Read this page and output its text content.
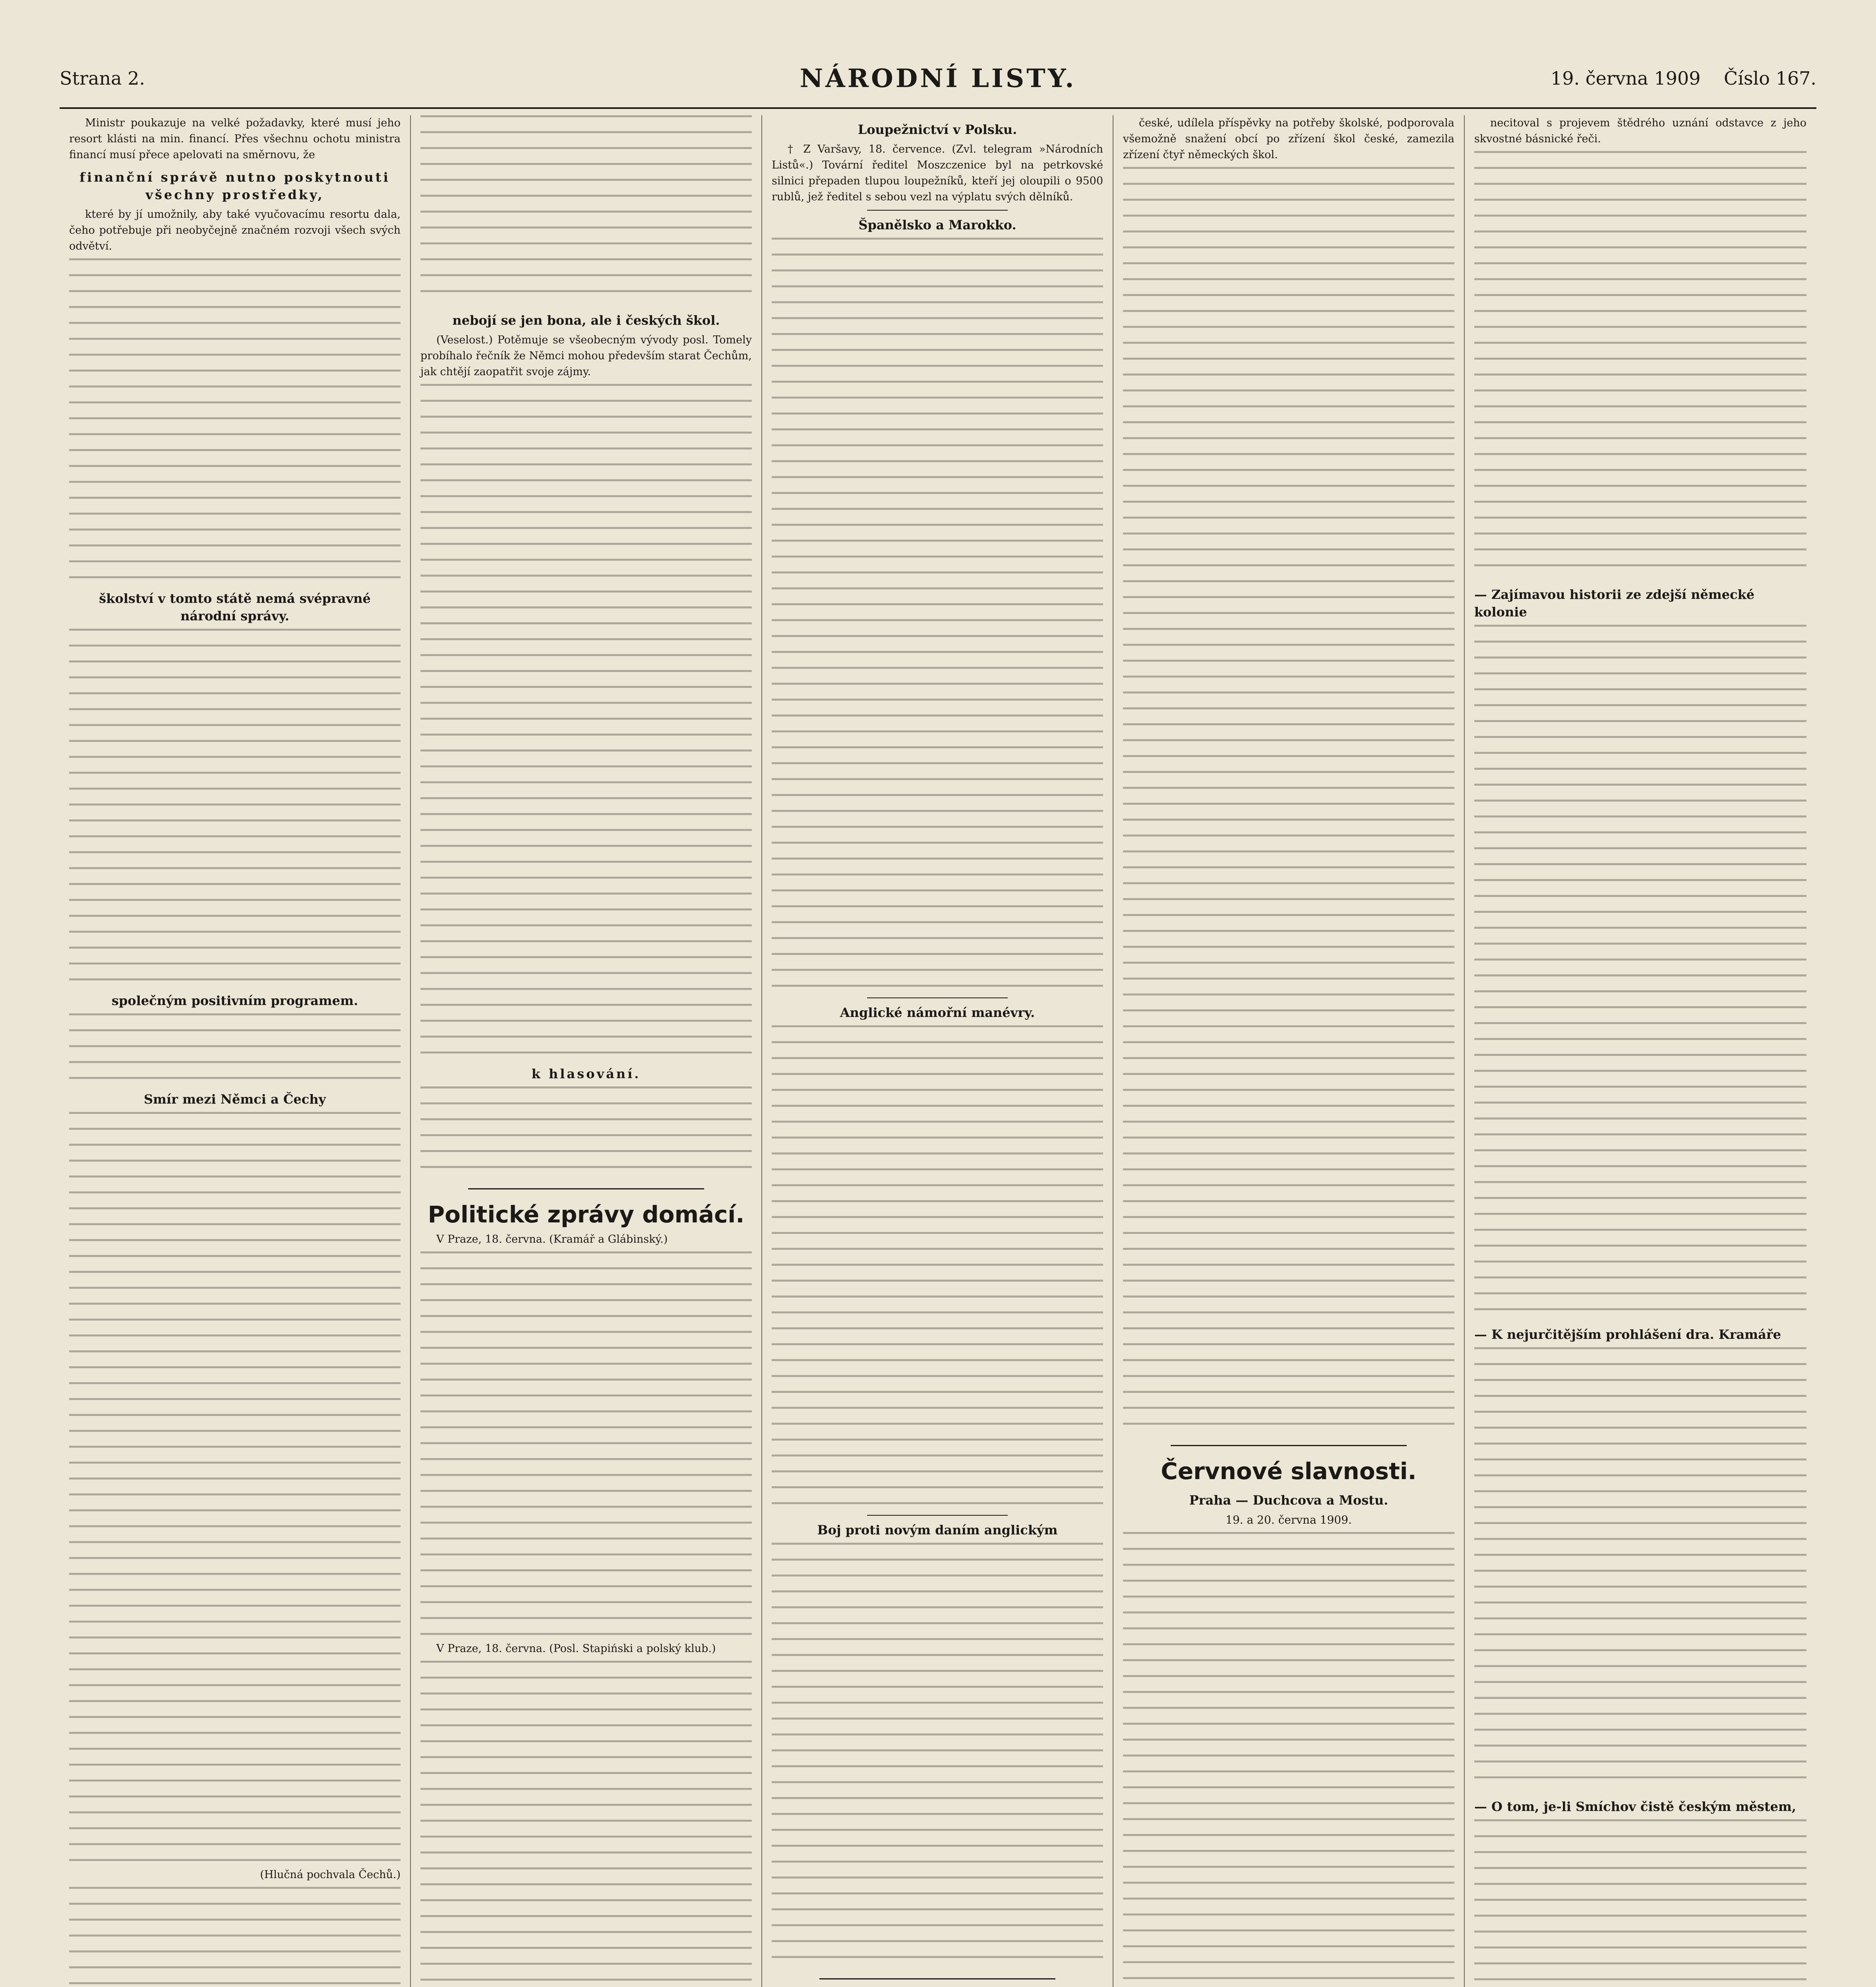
Strana 2.	NÁRODNÍ LISTY.	19. června 1909 Číslo 167.

Ministr poukazuje na velké požadavky, které musí jeho resort klásti na min. financí. Přes všechnu ochotu ministra financí musí přece apelovati na směrnovu, že

finanční správě nutno poskytnouti všechny prostředky,

které by jí umožnily, aby také vyučovacímu resortu dala, čeho potřebuje při neobyčejně značném rozvoji všech svých odvětví.

školství v tomto státě nemá svépravné národní správy.
společným positivním programem.
Smír mezi Němci a Čechy
(Hlučná pochvala Čechů.)
nebojí se jen bona, ale i českých škol.

(Veselost.) Potěmuje se všeobecným vývody posl. Tomely probíhalo řečník že Němci mohou především starat Čechům, jak chtějí zaopatřit svoje zájmy.

k hlasování.
Politické zprávy domácí.

V Praze, 18. června. (Kramář a Glábinský.)

V Praze, 18. června. (Posl. Stapiński a polský klub.)

Loupežnictví v Polsku.

† Z Varšavy, 18. července. (Zvl. telegram »Národních Listů«.) Tovární ředitel Moszczenice byl na petrkovské silnici přepaden tlupou loupežníků, kteří jej oloupili o 9500 rublů, jež ředitel s sebou vezl na výplatu svých dělníků.

Španělsko a Marokko.
Anglické námořní manévry.
Boj proti novým daním anglickým

české, udílela příspěvky na potřeby školské, podporovala všemožně snažení obcí po zřízení škol české, zamezila zřízení čtyř německých škol.

Červnové slavnosti.
Praha — Duchcova a Mostu.
19. a 20. června 1909.

necitoval s projevem štědrého uznání odstavce z jeho skvostné básnické řeči.

— Zajímavou historii ze zdejší německé kolonie
— K nejurčitějším prohlášení dra. Kramáře
— O tom, je-li Smíchov čistě českým městem,
